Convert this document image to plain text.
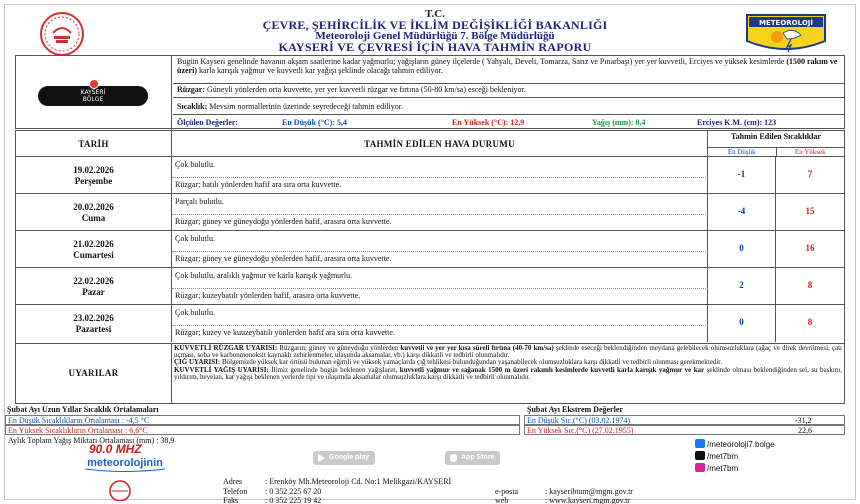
T.C.
ÇEVRE, ŞEHİRCİLİK VE İKLİM DEĞİŞİKLİĞİ BAKANLIĞI
Meteoroloji Genel Müdürlüğü 7. Bölge Müdürlüğü
KAYSERİ VE ÇEVRESİ İÇİN HAVA TAHMİN RAPORU
METEOROLOJİ
KAYSERİ
BÖLGE
Bugün Kayseri genelinde havanın akşam saatlerine kadar yağmurlu; yağışların güney ilçelerde ( Yahyalı, Develi, Tomarza, Sarız ve Pınarbaşı) yer yer kuvvetli, Erciyes ve yüksek kesimlerde (1500 rakım ve üzeri) karla karışık yağmur ve kuvvetli kar yağışı şeklinde olacağı tahmin ediliyor.
Rüzgar: Güneyli yönlerden orta kuvvette, yer yer kuvvetli rüzgar ve fırtına (50-80 km/sa) esceği bekleniyor.
Sıcaklık: Mevsim normallerinin üzerinde seyredeceği tahmin ediliyor.
Ölçülen Değerler:	En Düşük (°C): 5,4	En Yüksek (°C): 12,9	Yağış (mm): 0,4	Erciyes K.M. (cm): 123
TARİH	TAHMİN EDİLEN HAVA DURUMU
Tahmin Edilen Sıcaklıklar
En Düşük	En Yüksek
19.02.2026
Perşembe
Çok bulutlu.
Rüzgar; batılı yönlerden hafif ara sıra orta kuvvette.
-1	7
20.02.2026
Cuma
Parçalı bulutlu.
Rüzgar; güney ve güneydoğu yönlerden hafif, arasıra orta kuvvette.
-4	15
21.02.2026
Cumartesi
Çok bulutlu.
Rüzgar; güney ve güneydoğu yönlerden hafif, arasıra orta kuvvette.
0	16
22.02.2026
Pazar
Çok bulutlu, aralıklı yağmur ve karla karışık yağmurlu.
Rüzgar; kuzeybatılı yönlerden hafif, arasıra orta kuvvette.
2	8
23.02.2026
Pazartesi
Çok bulutlu.
Rüzgar; kuzey ve kuuzeybatılı yönlerden hafif ara sıra orta kuvvette.
0	8
UYARILAR
KUVVETLİ RÜZGAR UYARISI: Rüzgarın; güney ve güneydoğu yönlerden kuvvetli ve yer yer kısa süreli fırtına (40-70 km/sa) şeklinde eseceği beklendiğinden meydana gelebilecek olumsuzluklara (ağaç ve direk devrilmesi, çatı uçması, soba ve karbonmonoksit kaynaklı zehirlenmeler, ulaşımda aksamalar, vb.) karşı dikkatli ve tedbirli olunmalıdır.
ÇIĞ UYARISI: Bölgemizde yüksek kar örtüsü bulunan eğimli ve yüksek yamaçlarda çığ tehlikesi bulunduğundan yaşanabilecek olumsuzluklara karşı dikkatli ve tedbirli olunması gerekmektedir.
KUVVETLİ YAĞIŞ UYARISI: İlimiz genelinde bugün beklenen yağışların, kuvvetli yağmur ve sağanak 1500 m üzeri rakımlı kesimlerde kuvvetli karla karışık yağmur ve kar şeklinde olması beklendiğinden sel, su baskını, yıldırım, heyelan, kar yağışı beklenen yerlerde tipi ve ulaşımda aksamalar olumsuzluklara karşı dikkatli ve tedbirli olunmalıdır.
Şubat Ayı Uzun Yıllar Sıcaklık Ortalamaları
En Düşük Sıcaklıkların Ortalaması : -4,5 °C
En Yüksek Sıcaklıkların Ortalaması : 6,6°C
Aylık Toplam Yağış Miktarı Ortalaması (mm) : 38,9
Şubat Ayı Ekstrem Değerler
En Düşük Sıc.(°C) (03.02.1974)	-31,2
En Yüksek Sıc.(°C) (27.02.1955)	22,6
90.0 MHZ
meteorolojinin	Google play	App Store
/meteoroloji7.bolge
/met7bm
/met7bm
Adres	: Erenköy Mh.Meteoroloji Cd. No:1 Melikgazi/KAYSERİ
Telefon	: 0 352 225 67 20	e-posta	: kayseribtum@mgm.gov.tr
Faks	: 0 352 225 19 42	web	: www.kayseri.mgm.gov.tr
